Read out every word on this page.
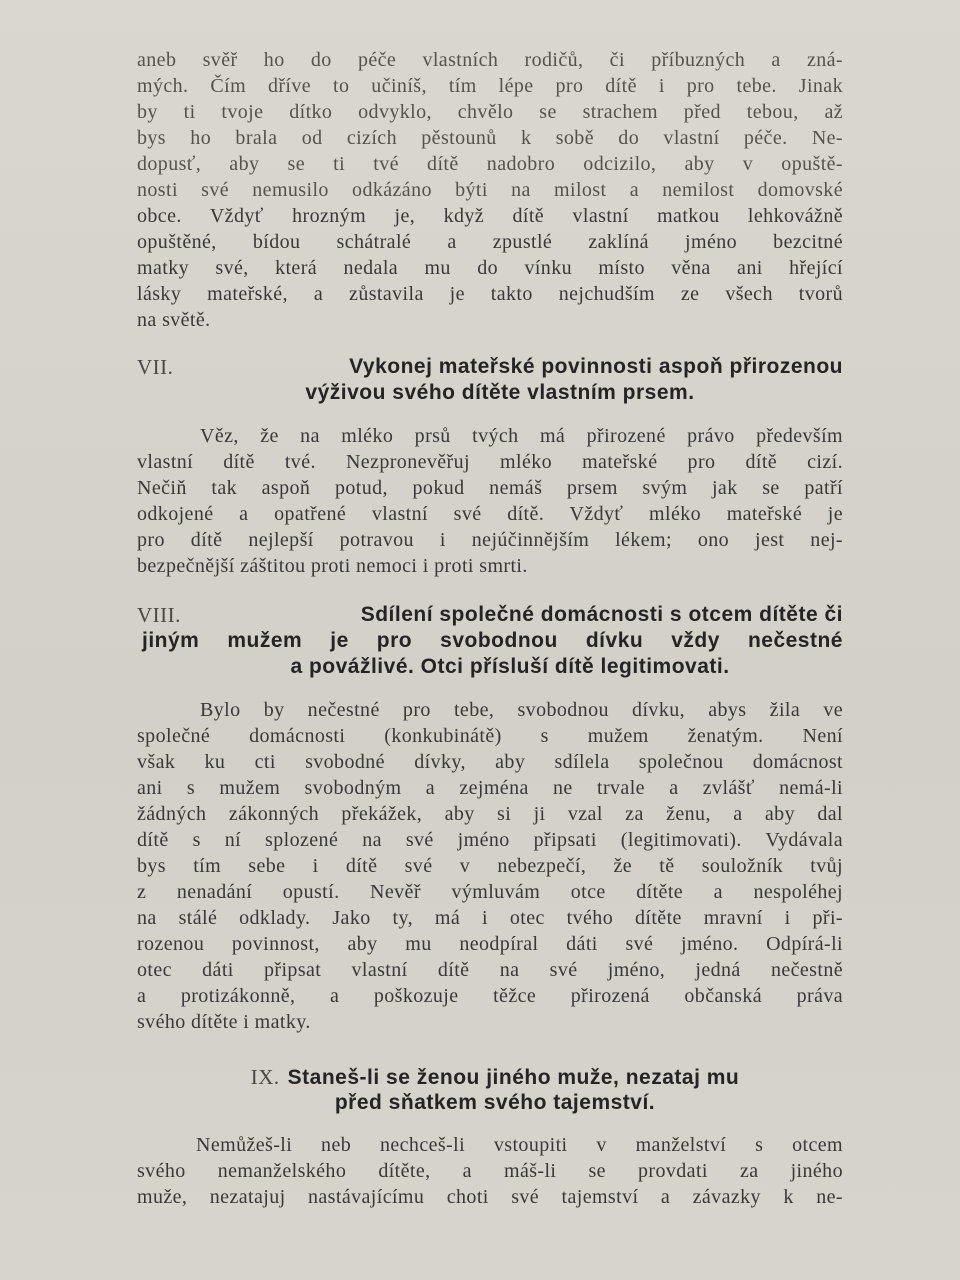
aneb svěř ho do péče vlastních rodičů, či příbuzných a zná-
mých. Čím dříve to učiníš, tím lépe pro dítě i pro tebe. Jinak
by ti tvoje dítko odvyklo, chvělo se strachem před tebou, až
bys ho brala od cizích pěstounů k sobě do vlastní péče. Ne-
dopusť, aby se ti tvé dítě nadobro odcizilo, aby v opuště-
nosti své nemusilo odkázáno býti na milost a nemilost domovské
obce. Vždyť hrozným je, když dítě vlastní matkou lehkovážně
opuštěné, bídou schátralé a zpustlé zaklíná jméno bezcitné
matky své, která nedala mu do vínku místo věna ani hřející
lásky mateřské, a zůstavila je takto nejchudším ze všech tvorů
na světě.
VII.	Vykonej mateřské povinnosti aspoň přirozenou
výživou svého dítěte vlastním prsem.
Věz, že na mléko prsů tvých má přirozené právo především
vlastní dítě tvé. Nezpronevěřuj mléko mateřské pro dítě cizí.
Nečiň tak aspoň potud, pokud nemáš prsem svým jak se patří
odkojené a opatřené vlastní své dítě. Vždyť mléko mateřské je
pro dítě nejlepší potravou i nejúčinnějším lékem; ono jest nej-
bezpečnější záštitou proti nemoci i proti smrti.
VIII.	Sdílení společné domácnosti s otcem dítěte či
jiným mužem je pro svobodnou dívku vždy nečestné
a povážlivé. Otci přísluší dítě legitimovati.
Bylo by nečestné pro tebe, svobodnou dívku, abys žila ve
společné domácnosti (konkubinátě) s mužem ženatým. Není
však ku cti svobodné dívky, aby sdílela společnou domácnost
ani s mužem svobodným a zejména ne trvale a zvlášť nemá-li
žádných zákonných překážek, aby si ji vzal za ženu, a aby dal
dítě s ní splozené na své jméno připsati (legitimovati). Vydávala
bys tím sebe i dítě své v nebezpečí, že tě souložník tvůj
z nenadání opustí. Nevěř výmluvám otce dítěte a nespoléhej
na stálé odklady. Jako ty, má i otec tvého dítěte mravní i při-
rozenou povinnost, aby mu neodpíral dáti své jméno. Odpírá-li
otec dáti připsat vlastní dítě na své jméno, jedná nečestně
a protizákonně, a poškozuje těžce přirozená občanská práva
svého dítěte i matky.
IX. Staneš-li se ženou jiného muže, nezataj mu
před sňatkem svého tajemství.
Nemůžeš-li neb nechceš-li vstoupiti v manželství s otcem
svého nemanželského dítěte, a máš-li se provdati za jiného
muže, nezatajuj nastávajícímu choti své tajemství a závazky k ne-
